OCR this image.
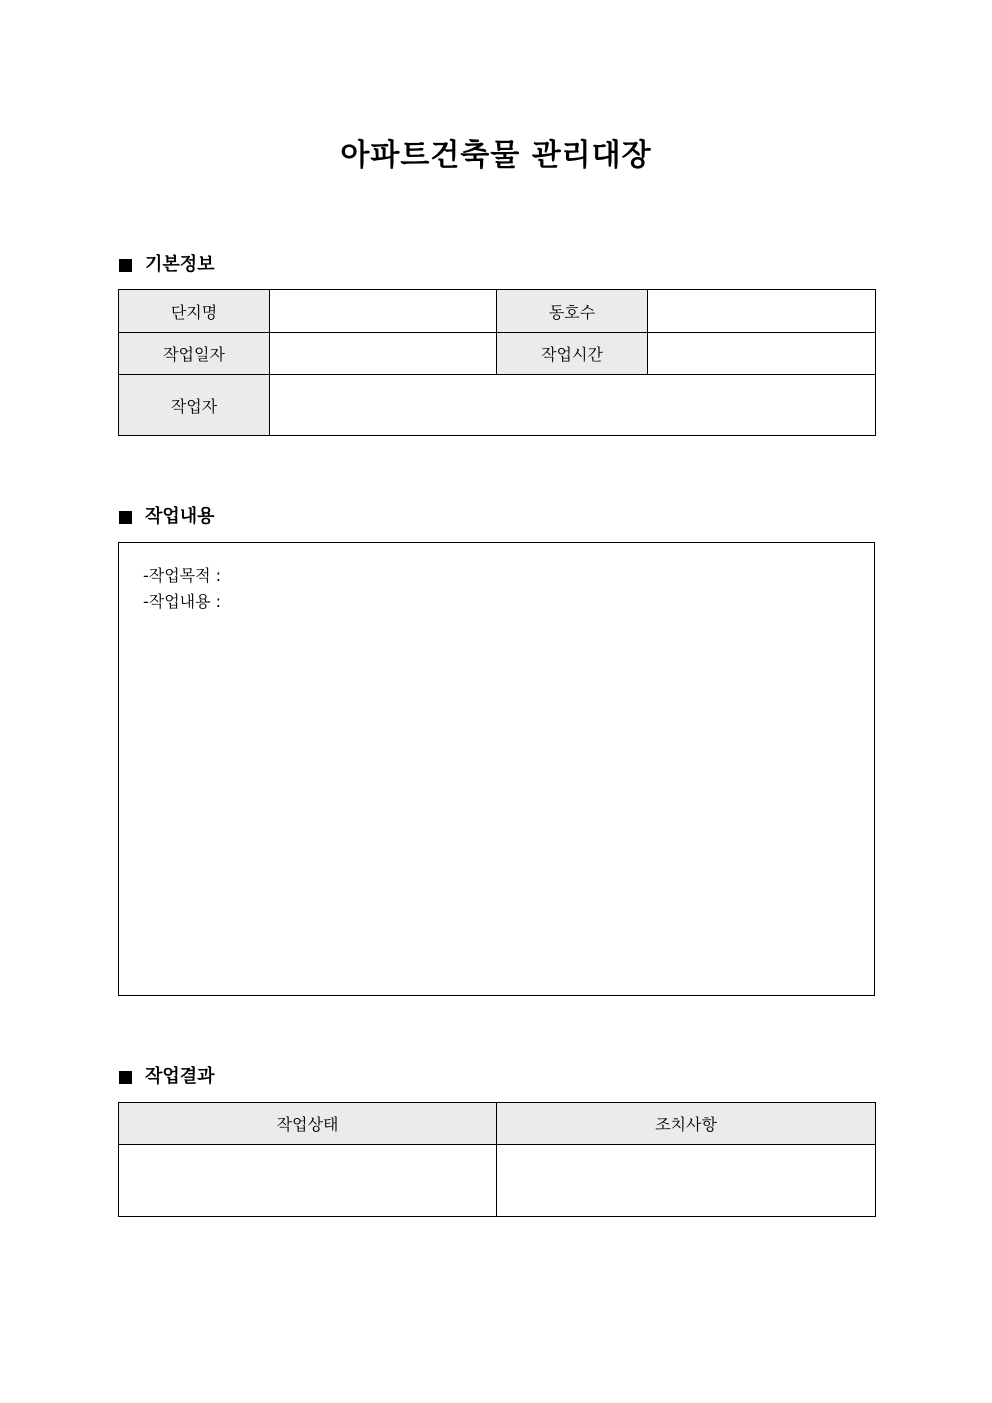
아파트건축물 관리대장
기본정보
단지명		동호수	
작업일자		작업시간	
작업자			
작업내용
-작업목적 :
-작업내용 :
작업결과
작업상태	조치사항
